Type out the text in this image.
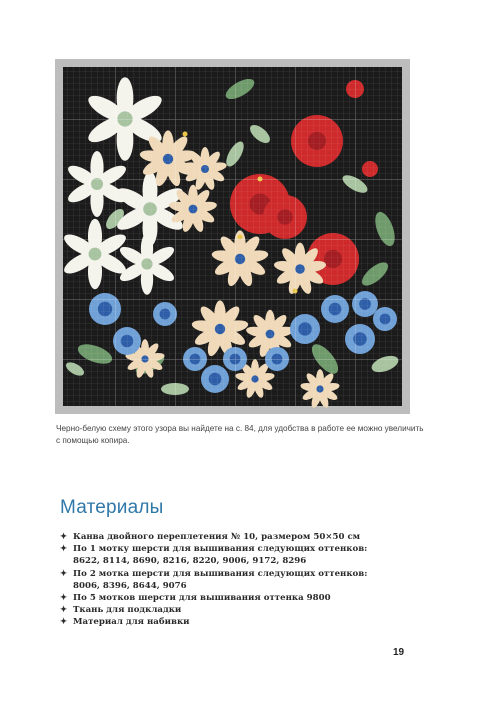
Черно-белую схему этого узора вы найдете на с. 84, для удобства в работе ее можно увеличить с помощью копира.
Материалы
✦ Канва двойного переплетения № 10, размером 50×50 см
✦ По 1 мотку шерсти для вышивания следующих оттенков:
8622, 8114, 8690, 8216, 8220, 9006, 9172, 8296
✦ По 2 мотка шерсти для вышивания следующих оттенков:
8006, 8396, 8644, 9076
✦ По 5 мотков шерсти для вышивания оттенка 9800
✦ Ткань для подкладки
✦ Материал для набивки
19
